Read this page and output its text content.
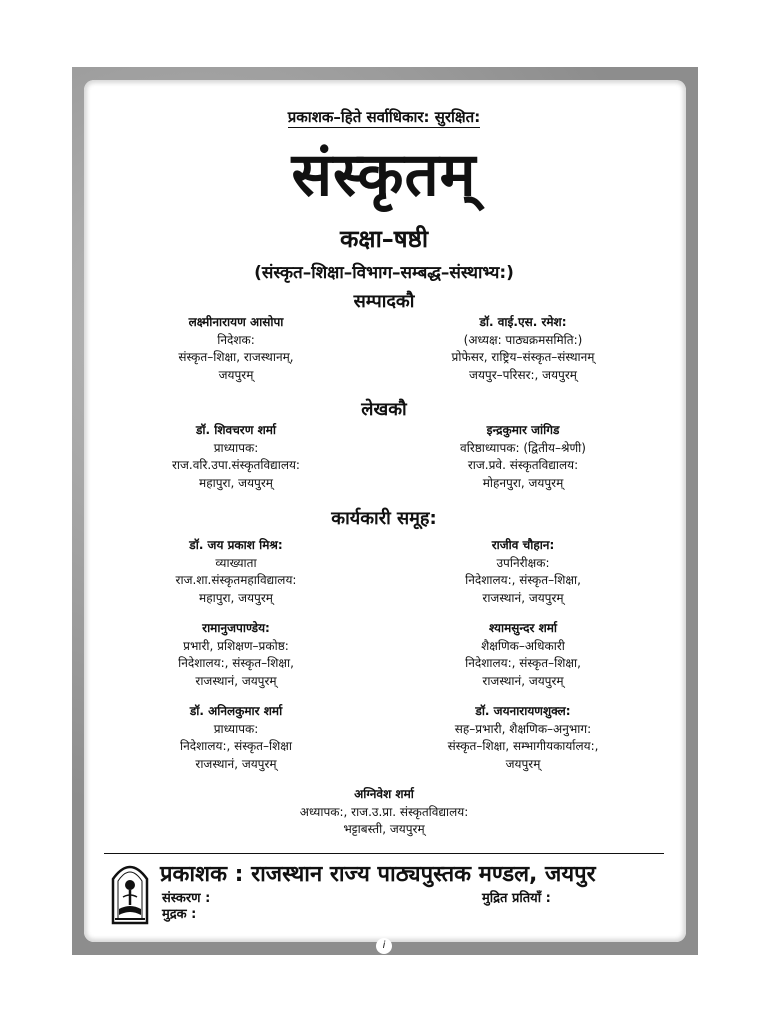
प्रकाशक–हिते सर्वाधिकार: सुरक्षित:
संस्कृतम्
कक्षा–षष्ठी
(संस्कृत–शिक्षा–विभाग–सम्बद्ध–संस्थाभ्य:)
सम्पादकौ
लक्ष्मीनारायण आसोपा
निदेशक:
संस्कृत–शिक्षा, राजस्थानम्,
जयपुरम्
डॉ. वाई.एस. रमेश:
(अध्यक्ष: पाठ्यक्रमसमिति:)
प्रोफेसर, राष्ट्रिय–संस्कृत–संस्थानम्
जयपुर–परिसर:, जयपुरम्
लेखकौ
डॉ. शिवचरण शर्मा
प्राध्यापक:
राज.वरि.उपा.संस्कृतविद्यालय:
महापुरा, जयपुरम्
इन्द्रकुमार जांगिड
वरिष्ठाध्यापक: (द्वितीय–श्रेणी)
राज.प्रवे. संस्कृतविद्यालय:
मोहनपुरा, जयपुरम्
कार्यकारी समूह:
डॉ. जय प्रकाश मिश्र:
व्याख्याता
राज.शा.संस्कृतमहाविद्यालय:
महापुरा, जयपुरम्
राजीव चौहान:
उपनिरीक्षक:
निदेशालय:, संस्कृत–शिक्षा,
राजस्थानं, जयपुरम्
रामानुजपाण्डेय:
प्रभारी, प्रशिक्षण–प्रकोष्ठ:
निदेशालय:, संस्कृत–शिक्षा,
राजस्थानं, जयपुरम्
श्यामसुन्दर शर्मा
शैक्षणिक–अधिकारी
निदेशालय:, संस्कृत–शिक्षा,
राजस्थानं, जयपुरम्
डॉ. अनिलकुमार शर्मा
प्राध्यापक:
निदेशालय:, संस्कृत–शिक्षा
राजस्थानं, जयपुरम्
डॉ. जयनारायणशुक्ल:
सह–प्रभारी, शैक्षणिक–अनुभाग:
संस्कृत–शिक्षा, सम्भागीयकार्यालय:,
जयपुरम्
अग्निवेश शर्मा
अध्यापक:, राज.उ.प्रा. संस्कृतविद्यालय:
भट्टाबस्ती, जयपुरम्
प्रकाशक : राजस्थान राज्य पाठ्यपुस्तक मण्डल, जयपुर
संस्करण :
मुद्रक :
मुद्रित प्रतियाँ :
i
